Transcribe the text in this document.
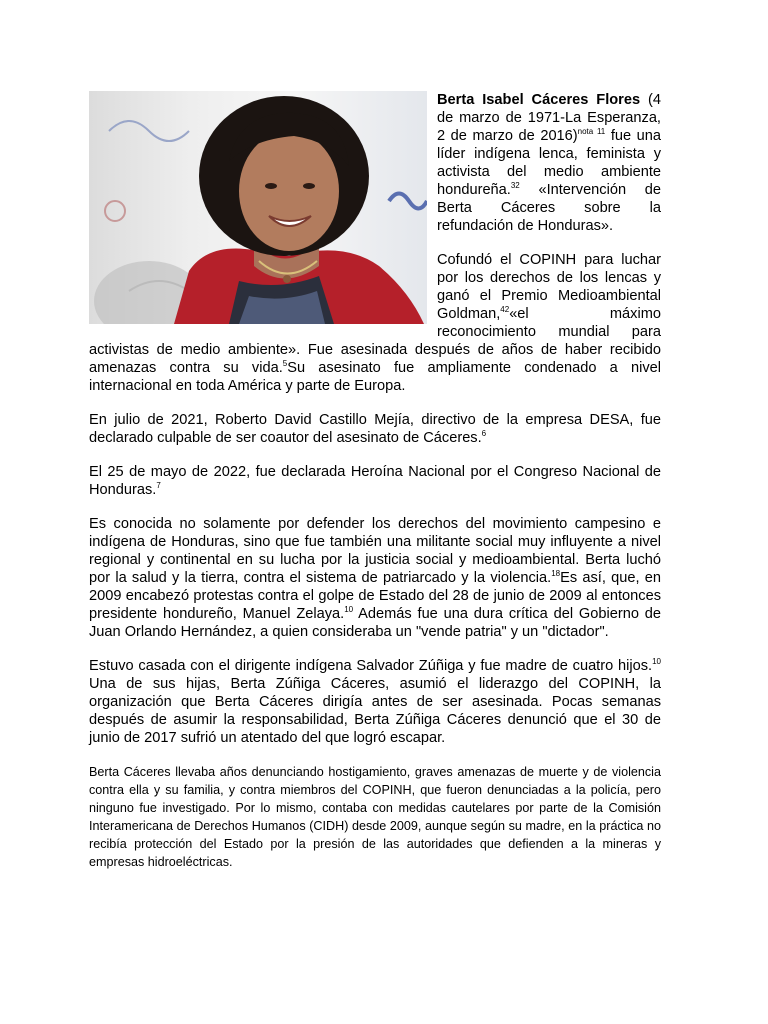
Berta Isabel Cáceres Flores (4 de marzo de 1971-La Esperanza, 2 de marzo de 2016)$^{nota}$ $^{11}$ fue una líder indígena lenca, feminista y activista del medio ambiente hondureña.$^{32}$ «Intervención de Berta Cáceres sobre la refundación de Honduras».

Cofundó el COPINH para luchar por los derechos de los lencas y ganó el Premio Medioambiental Goldman,$^{42}$«el máximo reconocimiento mundial para activistas de medio ambiente». Fue asesinada después de años de haber recibido amenazas contra su vida.$^5$Su asesinato fue ampliamente condenado a nivel internacional en toda América y parte de Europa.

En julio de 2021, Roberto David Castillo Mejía, directivo de la empresa DESA, fue declarado culpable de ser coautor del asesinato de Cáceres.$^6$

El 25 de mayo de 2022, fue declarada Heroína Nacional por el Congreso Nacional de Honduras.$^7$

Es conocida no solamente por defender los derechos del movimiento campesino e indígena de Honduras, sino que fue también una militante social muy influyente a nivel regional y continental en su lucha por la justicia social y medioambiental. Berta luchó por la salud y la tierra, contra el sistema de patriarcado y la violencia.$^{18}$Es así, que, en 2009 encabezó protestas contra el golpe de Estado del 28 de junio de 2009 al entonces presidente hondureño, Manuel Zelaya.$^{10}$ Además fue una dura crítica del Gobierno de Juan Orlando Hernández, a quien consideraba un "vende patria" y un "dictador".

Estuvo casada con el dirigente indígena Salvador Zúñiga y fue madre de cuatro hijos.$^{10}$ Una de sus hijas, Berta Zúñiga Cáceres, asumió el liderazgo del COPINH, la organización que Berta Cáceres dirigía antes de ser asesinada. Pocas semanas después de asumir la responsabilidad, Berta Zúñiga Cáceres denunció que el 30 de junio de 2017 sufrió un atentado del que logró escapar.

Berta Cáceres llevaba años denunciando hostigamiento, graves amenazas de muerte y de violencia contra ella y su familia, y contra miembros del COPINH, que fueron denunciadas a la policía, pero ninguno fue investigado. Por lo mismo, contaba con medidas cautelares por parte de la Comisión Interamericana de Derechos Humanos (CIDH) desde 2009, aunque según su madre, en la práctica no recibía protección del Estado por la presión de las autoridades que defienden a la mineras y empresas hidroeléctricas.
